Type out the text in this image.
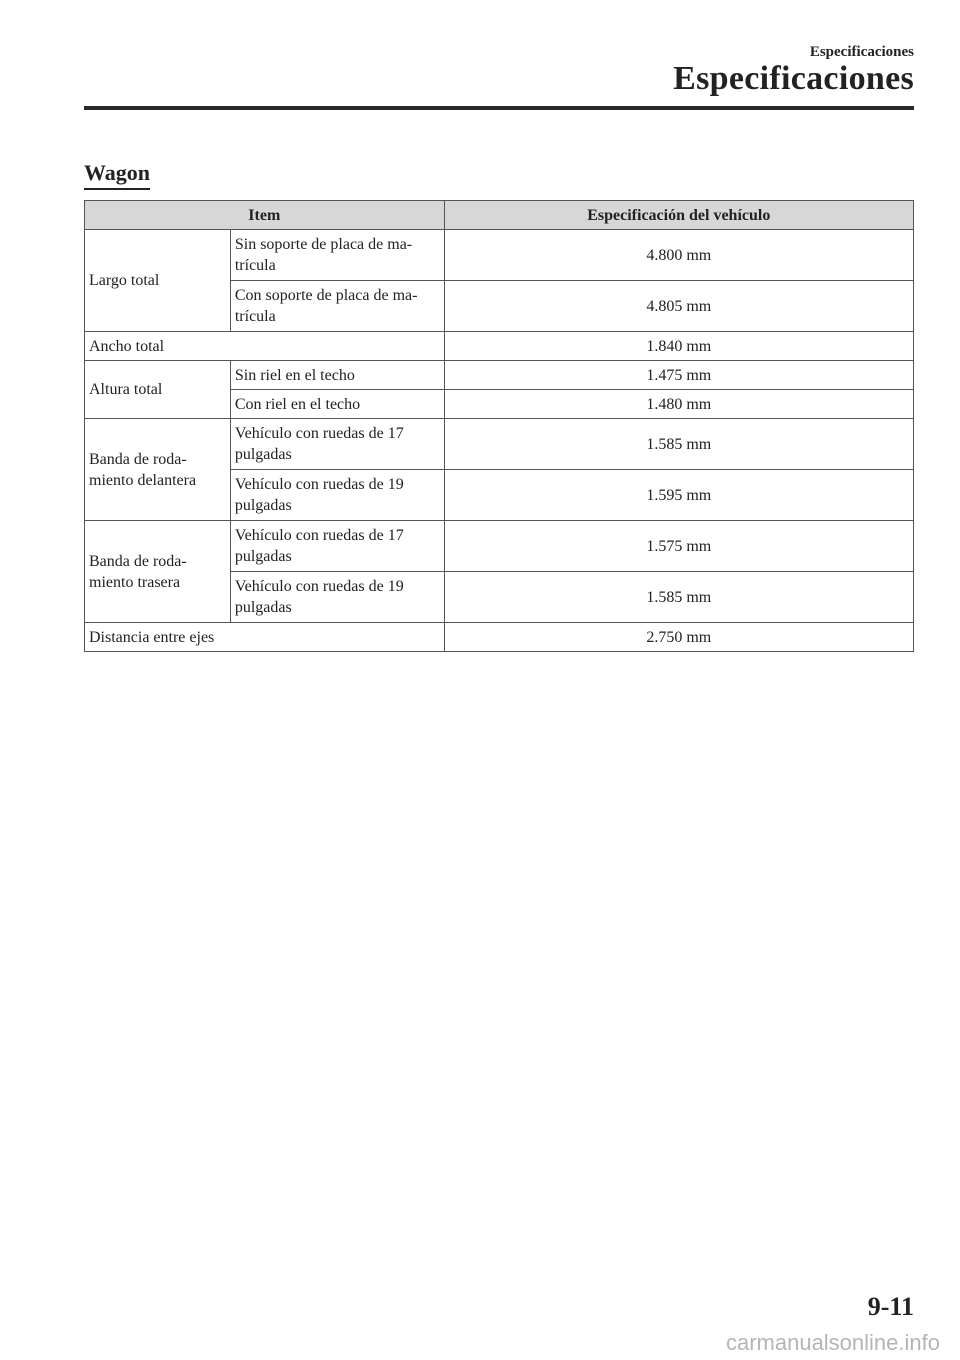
Especificaciones
Especificaciones
Wagon
Item		Especificación del vehículo
Largo total	Sin soporte de placa de ma- trícula	4.800 mm
	Con soporte de placa de ma- trícula	4.805 mm
Ancho total		1.840 mm
Altura total	Sin riel en el techo	1.475 mm
	Con riel en el techo	1.480 mm
Banda de roda- miento delantera	Vehículo con ruedas de 17 pulgadas	1.585 mm
	Vehículo con ruedas de 19 pulgadas	1.595 mm
Banda de roda- miento trasera	Vehículo con ruedas de 17 pulgadas	1.575 mm
	Vehículo con ruedas de 19 pulgadas	1.585 mm
Distancia entre ejes		2.750 mm
9-11
carmanualsonline.info
